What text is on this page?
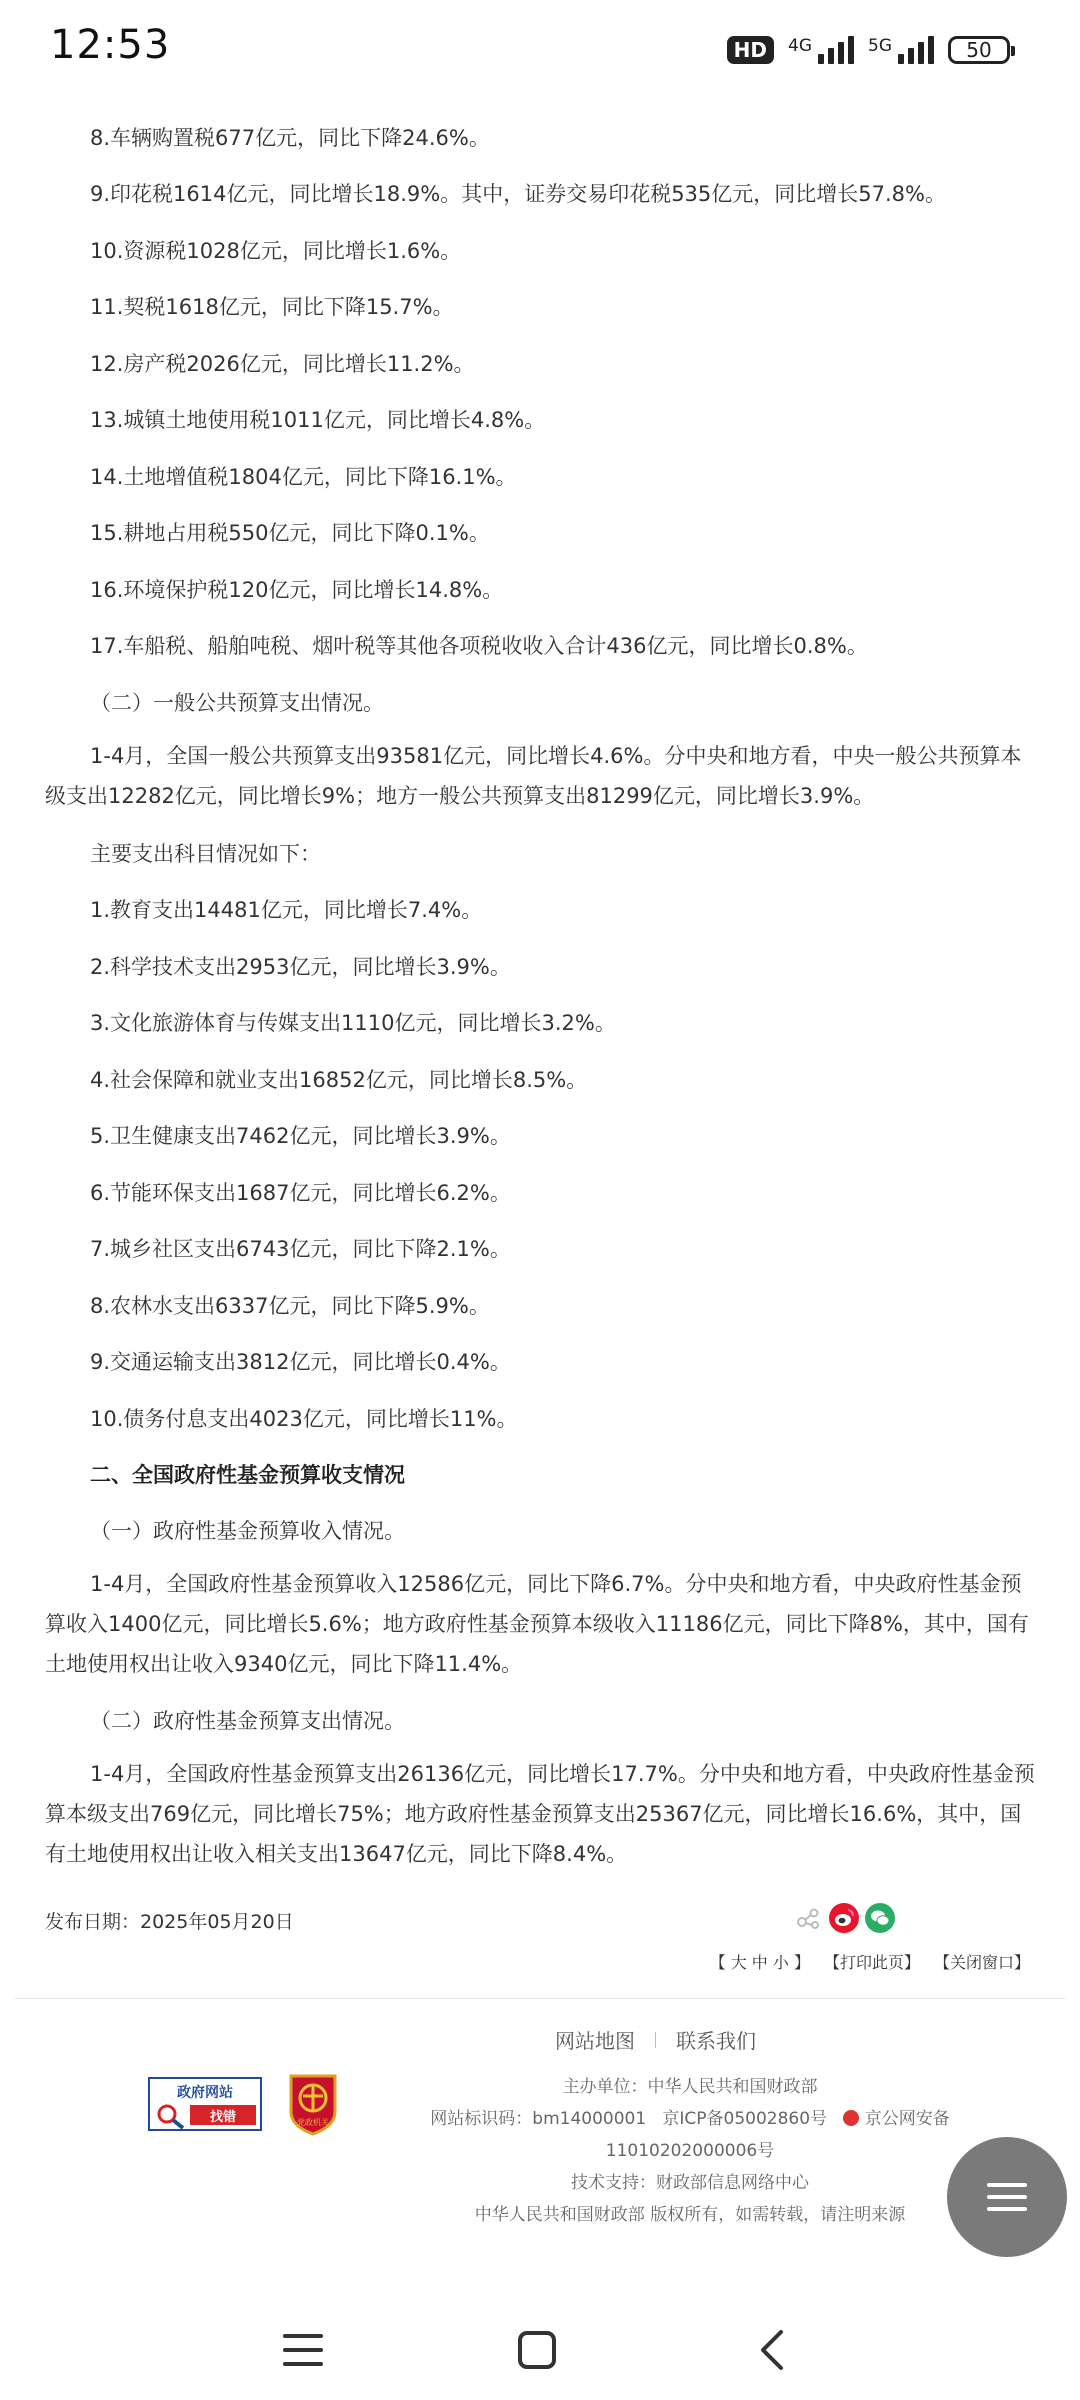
8.车辆购置税677亿元，同比下降24.6%。
9.印花税1614亿元，同比增长18.9%。其中，证券交易印花税535亿元，同比增长57.8%。
10.资源税1028亿元，同比增长1.6%。
11.契税1618亿元，同比下降15.7%。
12.房产税2026亿元，同比增长11.2%。
13.城镇土地使用税1011亿元，同比增长4.8%。
14.土地增值税1804亿元，同比下降16.1%。
15.耕地占用税550亿元，同比下降0.1%。
16.环境保护税120亿元，同比增长14.8%。
17.车船税、船舶吨税、烟叶税等其他各项税收收入合计436亿元，同比增长0.8%。
（二）一般公共预算支出情况。
1-4月，全国一般公共预算支出93581亿元，同比增长4.6%。分中央和地方看，中央一般公共预算本级支出12282亿元，同比增长9%；地方一般公共预算支出81299亿元，同比增长3.9%。
主要支出科目情况如下：
1.教育支出14481亿元，同比增长7.4%。
2.科学技术支出2953亿元，同比增长3.9%。
3.文化旅游体育与传媒支出1110亿元，同比增长3.2%。
4.社会保障和就业支出16852亿元，同比增长8.5%。
5.卫生健康支出7462亿元，同比增长3.9%。
6.节能环保支出1687亿元，同比增长6.2%。
7.城乡社区支出6743亿元，同比下降2.1%。
8.农林水支出6337亿元，同比下降5.9%。
9.交通运输支出3812亿元，同比增长0.4%。
10.债务付息支出4023亿元，同比增长11%。
二、全国政府性基金预算收支情况
（一）政府性基金预算收入情况。
1-4月，全国政府性基金预算收入12586亿元，同比下降6.7%。分中央和地方看，中央政府性基金预算收入1400亿元，同比增长5.6%；地方政府性基金预算本级收入11186亿元，同比下降8%，其中，国有土地使用权出让收入9340亿元，同比下降11.4%。
（二）政府性基金预算支出情况。
1-4月，全国政府性基金预算支出26136亿元，同比增长17.7%。分中央和地方看，中央政府性基金预算本级支出769亿元，同比增长75%；地方政府性基金预算支出25367亿元，同比增长16.6%，其中，国有土地使用权出让收入相关支出13647亿元，同比下降8.4%。
发布日期：2025年05月20日
【 大 中 小 】 【打印此页】 【关闭窗口】
网站地图 联系我们
政府网站
找错	党政机关
主办单位：中华人民共和国财政部
网站标识码：bm14000001 京ICP备05002860号 京公网安备
11010202000006号
技术支持：财政部信息网络中心
中华人民共和国财政部 版权所有，如需转载，请注明来源
12:53	HD	4G	5G	50
